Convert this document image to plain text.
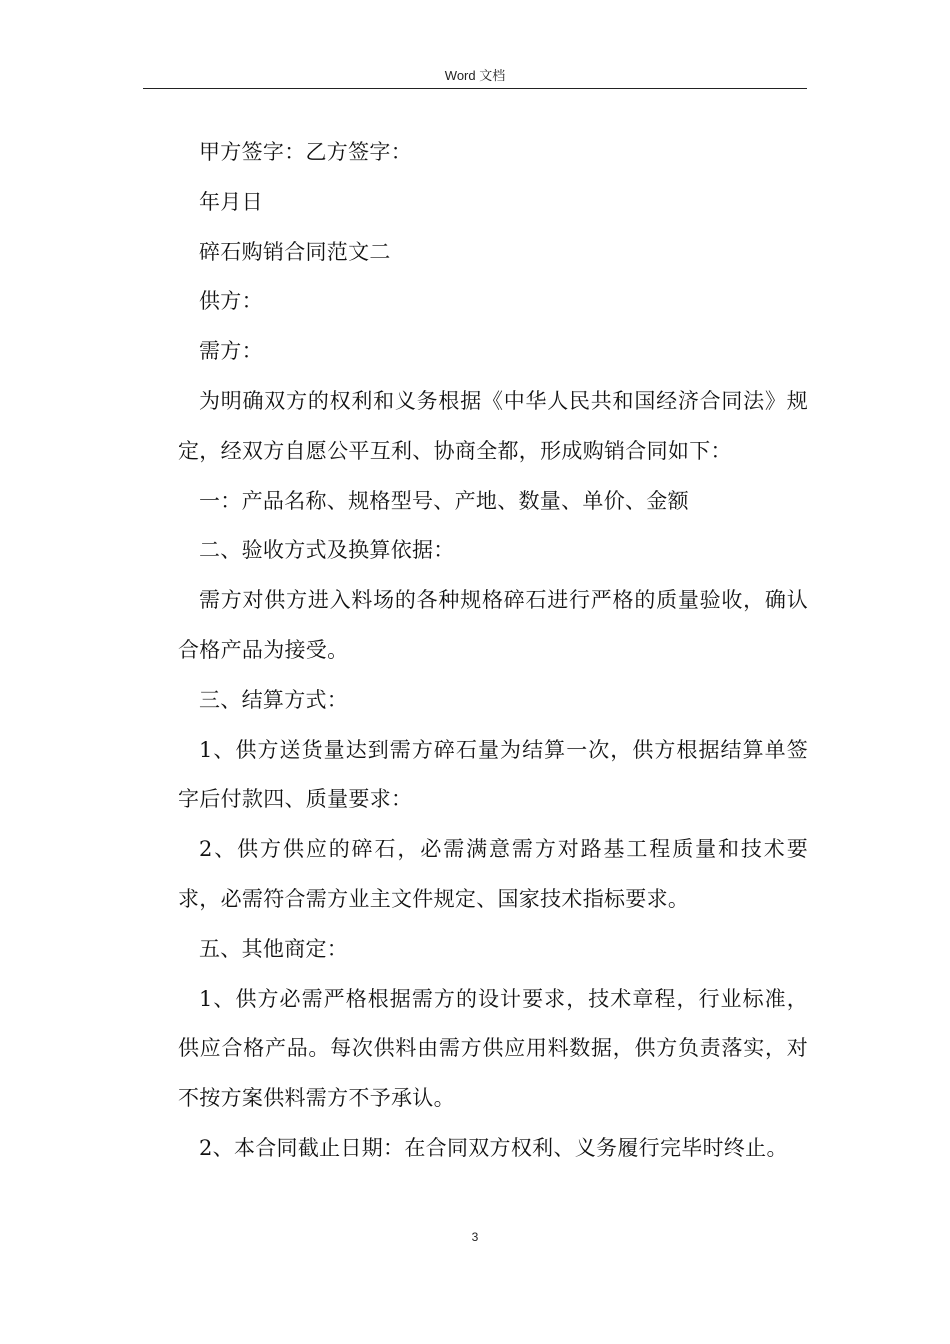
Word 文档

甲方签字：乙方签字：

年月日

碎石购销合同范文二

供方：

需方：

为明确双方的权利和义务根据《中华人民共和国经济合同法》规定，经双方自愿公平互利、协商全都，形成购销合同如下：

一：产品名称、规格型号、产地、数量、单价、金额

二、验收方式及换算依据：

需方对供方进入料场的各种规格碎石进行严格的质量验收，确认合格产品为接受。

三、结算方式：

1、供方送货量达到需方碎石量为结算一次，供方根据结算单签字后付款四、质量要求：

2、供方供应的碎石，必需满意需方对路基工程质量和技术要求，必需符合需方业主文件规定、国家技术指标要求。

五、其他商定：

1、供方必需严格根据需方的设计要求，技术章程，行业标准，供应合格产品。每次供料由需方供应用料数据，供方负责落实，对不按方案供料需方不予承认。

2、本合同截止日期：在合同双方权利、义务履行完毕时终止。

3
